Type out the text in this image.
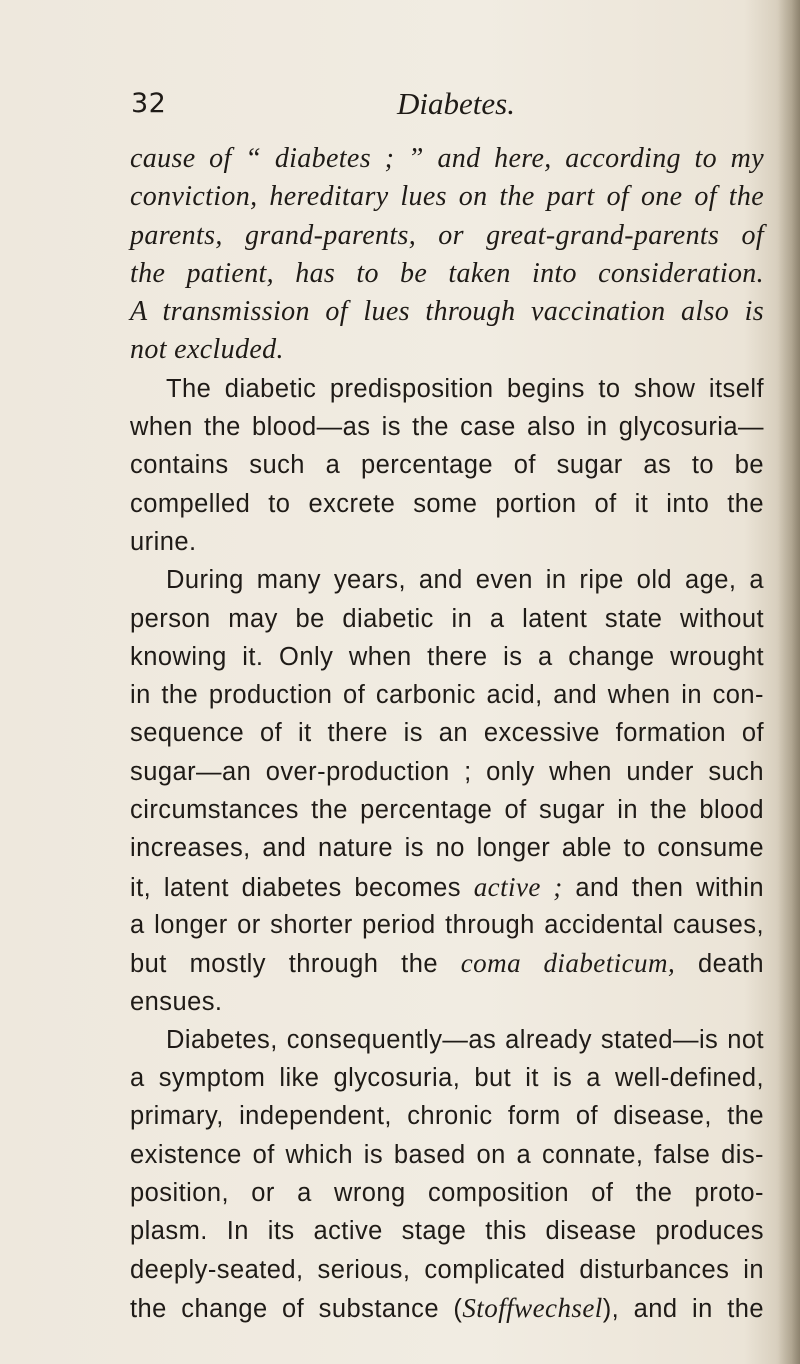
32	Diabetes.
cause of “ diabetes ; ” and here, according to my
conviction, hereditary lues on the part of one of the
parents, grand-parents, or great-grand-parents of
the patient, has to be taken into consideration.
A transmission of lues through vaccination also is
not excluded.
The diabetic predisposition begins to show itself
when the blood—as is the case also in glycosuria—
contains such a percentage of sugar as to be
compelled to excrete some portion of it into the
urine.
During many years, and even in ripe old age, a
person may be diabetic in a latent state without
knowing it. Only when there is a change wrought
in the production of carbonic acid, and when in con-
sequence of it there is an excessive formation of
sugar—an over-production ; only when under such
circumstances the percentage of sugar in the blood
increases, and nature is no longer able to consume
it, latent diabetes becomes active ; and then within
a longer or shorter period through accidental causes,
but mostly through the coma diabeticum, death
ensues.
Diabetes, consequently—as already stated—is not
a symptom like glycosuria, but it is a well-defined,
primary, independent, chronic form of disease, the
existence of which is based on a connate, false dis-
position, or a wrong composition of the proto-
plasm. In its active stage this disease produces
deeply-seated, serious, complicated disturbances in
the change of substance (Stoffwechsel), and in the
